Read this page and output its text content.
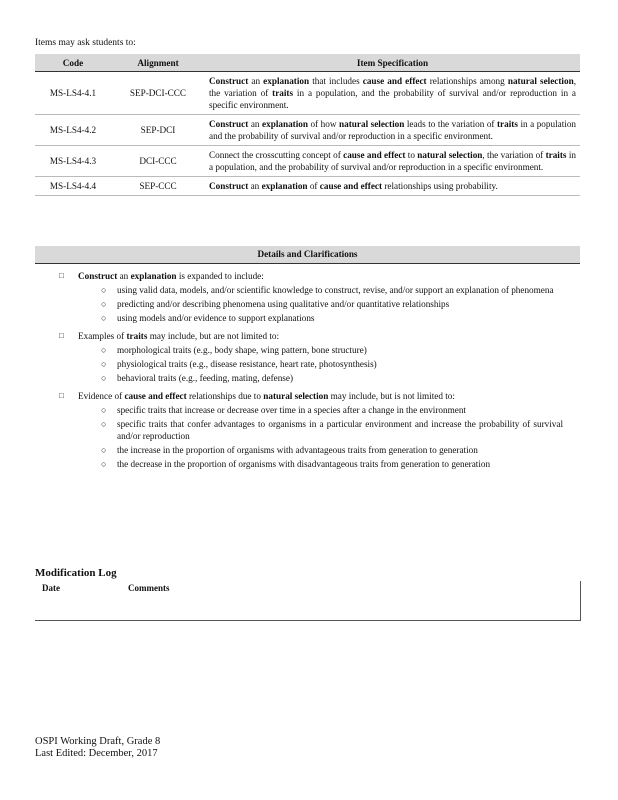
Items may ask students to:
Code	Alignment	Item Specification
MS-LS4-4.1	SEP-DCI-CCC	Construct an explanation that includes cause and effect relationships among natural selection, the variation of traits in a population, and the probability of survival and/or reproduction in a specific environment.
MS-LS4-4.2	SEP-DCI	Construct an explanation of how natural selection leads to the variation of traits in a population and the probability of survival and/or reproduction in a specific environment.
MS-LS4-4.3	DCI-CCC	Connect the crosscutting concept of cause and effect to natural selection, the variation of traits in a population, and the probability of survival and/or reproduction in a specific environment.
MS-LS4-4.4	SEP-CCC	Construct an explanation of cause and effect relationships using probability.
Details and Clarifications
□ Construct an explanation is expanded to include:
○ using valid data, models, and/or scientific knowledge to construct, revise, and/or support an explanation of phenomena
○ predicting and/or describing phenomena using qualitative and/or quantitative relationships
○ using models and/or evidence to support explanations
□ Examples of traits may include, but are not limited to:
○ morphological traits (e.g., body shape, wing pattern, bone structure)
○ physiological traits (e.g., disease resistance, heart rate, photosynthesis)
○ behavioral traits (e.g., feeding, mating, defense)
□ Evidence of cause and effect relationships due to natural selection may include, but is not limited to:
○ specific traits that increase or decrease over time in a species after a change in the environment
○ specific traits that confer advantages to organisms in a particular environment and increase the probability of survival and/or reproduction
○ the increase in the proportion of organisms with advantageous traits from generation to generation
○ the decrease in the proportion of organisms with disadvantageous traits from generation to generation
Modification Log
Date	Comments
OSPI Working Draft, Grade 8
Last Edited: December, 2017
